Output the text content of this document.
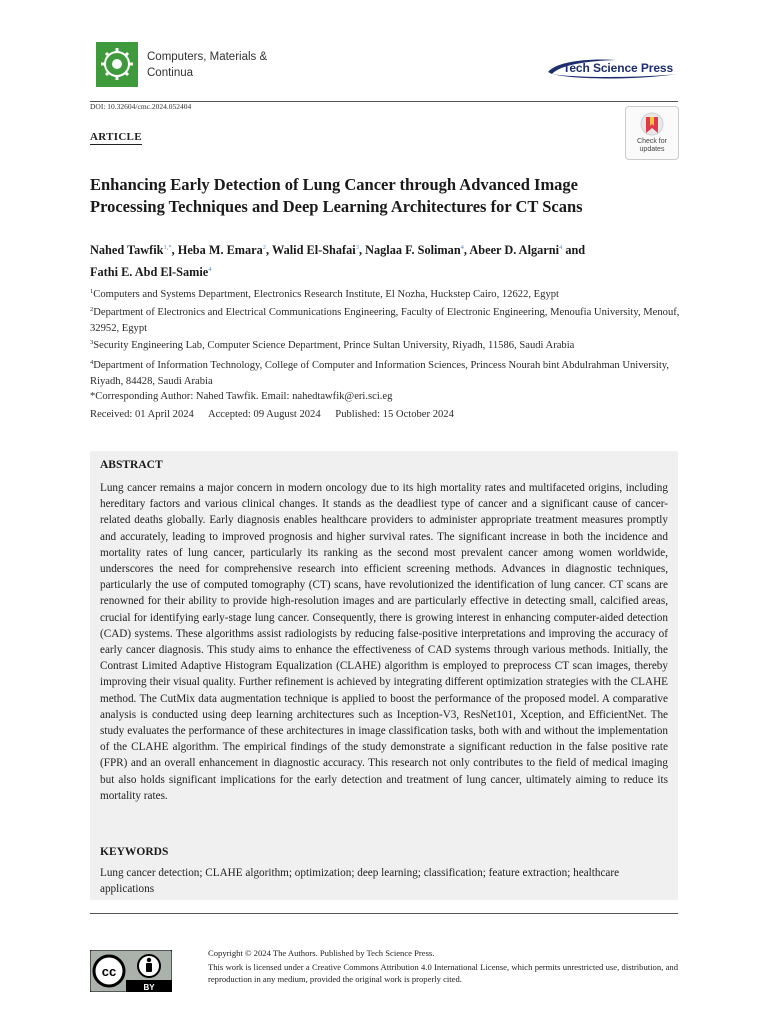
Computers, Materials &
Continua	Tech Science Press
DOI: 10.32604/cmc.2024.052404
ARTICLE	Check for
updates
Enhancing Early Detection of Lung Cancer through Advanced Image Processing Techniques and Deep Learning Architectures for CT Scans
Nahed Tawfik$^{1,*}$, Heba M. Emara$^2$, Walid El-Shafai$^3$, Naglaa F. Soliman$^4$, Abeer D. Algarni$^4$ and
Fathi E. Abd El-Samie$^4$
$^1$Computers and Systems Department, Electronics Research Institute, El Nozha, Huckstep Cairo, 12622, Egypt
$^2$Department of Electronics and Electrical Communications Engineering, Faculty of Electronic Engineering, Menoufia University, Menouf, 32952, Egypt
$^3$Security Engineering Lab, Computer Science Department, Prince Sultan University, Riyadh, 11586, Saudi Arabia
$^4$Department of Information Technology, College of Computer and Information Sciences, Princess Nourah bint Abdulrahman University, Riyadh, 84428, Saudi Arabia
*Corresponding Author: Nahed Tawfik. Email: nahedtawfik@eri.sci.eg
Received: 01 April 2024 Accepted: 09 August 2024 Published: 15 October 2024
ABSTRACT
Lung cancer remains a major concern in modern oncology due to its high mortality rates and multifaceted origins, including hereditary factors and various clinical changes. It stands as the deadliest type of cancer and a significant cause of cancer-related deaths globally. Early diagnosis enables healthcare providers to administer appropriate treatment measures promptly and accurately, leading to improved prognosis and higher survival rates. The significant increase in both the incidence and mortality rates of lung cancer, particularly its ranking as the second most prevalent cancer among women worldwide, underscores the need for comprehensive research into efficient screening methods. Advances in diagnostic techniques, particularly the use of computed tomography (CT) scans, have revolutionized the identification of lung cancer. CT scans are renowned for their ability to provide high-resolution images and are particularly effective in detecting small, calcified areas, crucial for identifying early-stage lung cancer. Consequently, there is growing interest in enhancing computer-aided detection (CAD) systems. These algorithms assist radiologists by reducing false-positive interpretations and improving the accuracy of early cancer diagnosis. This study aims to enhance the effectiveness of CAD systems through various methods. Initially, the Contrast Limited Adaptive Histogram Equalization (CLAHE) algorithm is employed to preprocess CT scan images, thereby improving their visual quality. Further refinement is achieved by integrating different optimization strategies with the CLAHE method. The CutMix data augmentation technique is applied to boost the performance of the proposed model. A comparative analysis is conducted using deep learning architectures such as Inception-V3, ResNet101, Xception, and EfficientNet. The study evaluates the performance of these architectures in image classification tasks, both with and without the implementation of the CLAHE algorithm. The empirical findings of the study demonstrate a significant reduction in the false positive rate (FPR) and an overall enhancement in diagnostic accuracy. This research not only contributes to the field of medical imaging but also holds significant implications for the early detection and treatment of lung cancer, ultimately aiming to reduce its mortality rates.
KEYWORDS
Lung cancer detection; CLAHE algorithm; optimization; deep learning; classification; feature extraction; healthcare applications
cc
BY
Copyright © 2024 The Authors. Published by Tech Science Press.
This work is licensed under a Creative Commons Attribution 4.0 International License, which permits unrestricted use, distribution, and reproduction in any medium, provided the original work is properly cited.
